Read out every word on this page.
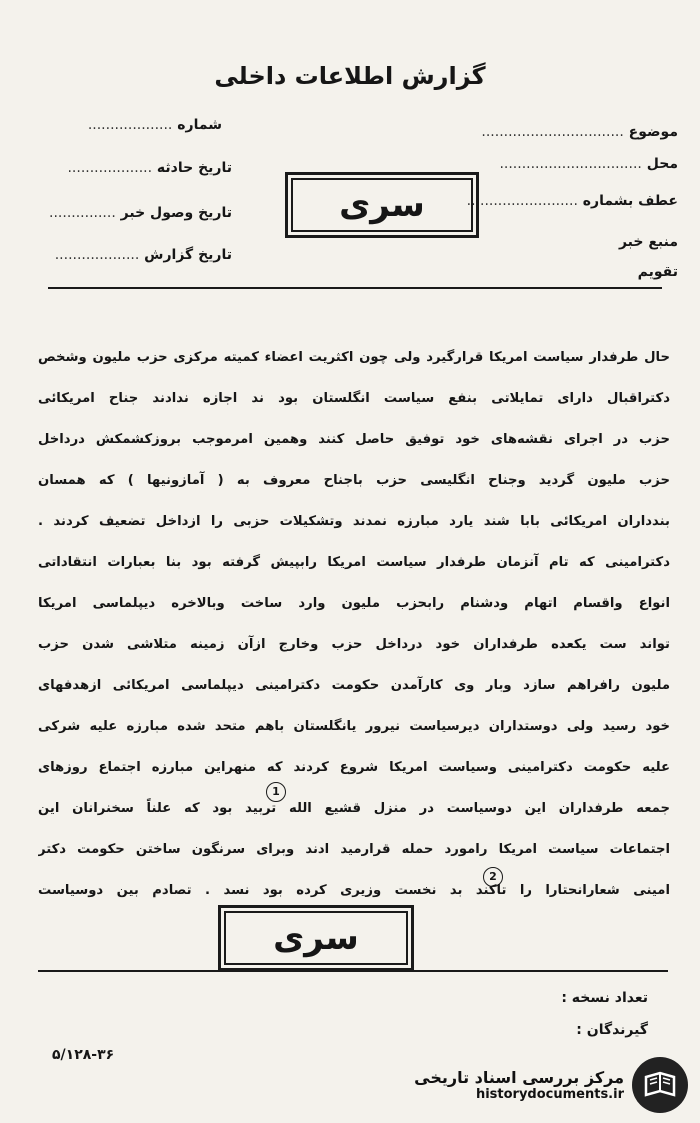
گزارش اطلاعات داخلی
شماره ...................
تاریخ حادثه ...................
تاریخ وصول خبر ...............
تاریخ گزارش ...................
موضوع ................................
محل ................................
عطف بشماره .........................
منبع خبر
تقویم
سری

حال طرفدار سیاست امریکا قرارگیرد ولی چون اکثریت اعضاء کمیته مرکزی حزب ملیون وشخص

دکتراقبال دارای تمایلاتی بنفع سیاست انگلستان بود ند اجازه ندادند جناح امریکائی

حزب در اجرای نقشه‌های خود توفیق حاصل کنند وهمین امرموجب بروزکشمکش درداخل

حزب ملیون گردید وجناح انگلیسی حزب باجناح معروف به ( آمازونیها ) که همسان

بندداران امریکائی بابا شند یارد مبارزه نمدند وتشکیلات حزبی را ازداخل تضعیف کردند .

دکترامینی که تام آنزمان طرفدار سیاست امریکا رابپیش گرفته بود بنا بعبارات انتقاداتی

انواع واقسام اتهام ودشنام رابحزب ملیون وارد ساخت وبالاخره دیپلماسی امریکا

تواند ست یکعده طرفداران خود درداخل حزب وخارج ازآن زمینه متلاشی شدن حزب

ملیون رافراهم سازد وبار وی کارآمدن حکومت دکترامینی دیپلماسی امریکائی ازهدفهای

خود رسید ولی دوستداران دیرسیاست نیرور یانگلستان باهم متحد شده مبارزه علیه شرکی

علیه حکومت دکترامینی وسیاست امریکا شروع کردند که منهراین مبارزه اجتماع روزهای

جمعه طرفداران این دوسیاست در منزل قشیع الله تربید بود که علناً سخنرانان این

اجتماعات سیاست امریکا رامورد حمله قرارمید ادند وبرای سرنگون ساختن حکومت دکتر

امینی شعارانحتارا را تاکند بد نخست وزیری کرده بود نسد . تصادم بین دوسیاست

1
2
سری
تعداد نسخه :
گیرندگان :
۵/۱۲۸-۳۶
مرکز بررسی اسناد تاریخی
historydocuments.ir
